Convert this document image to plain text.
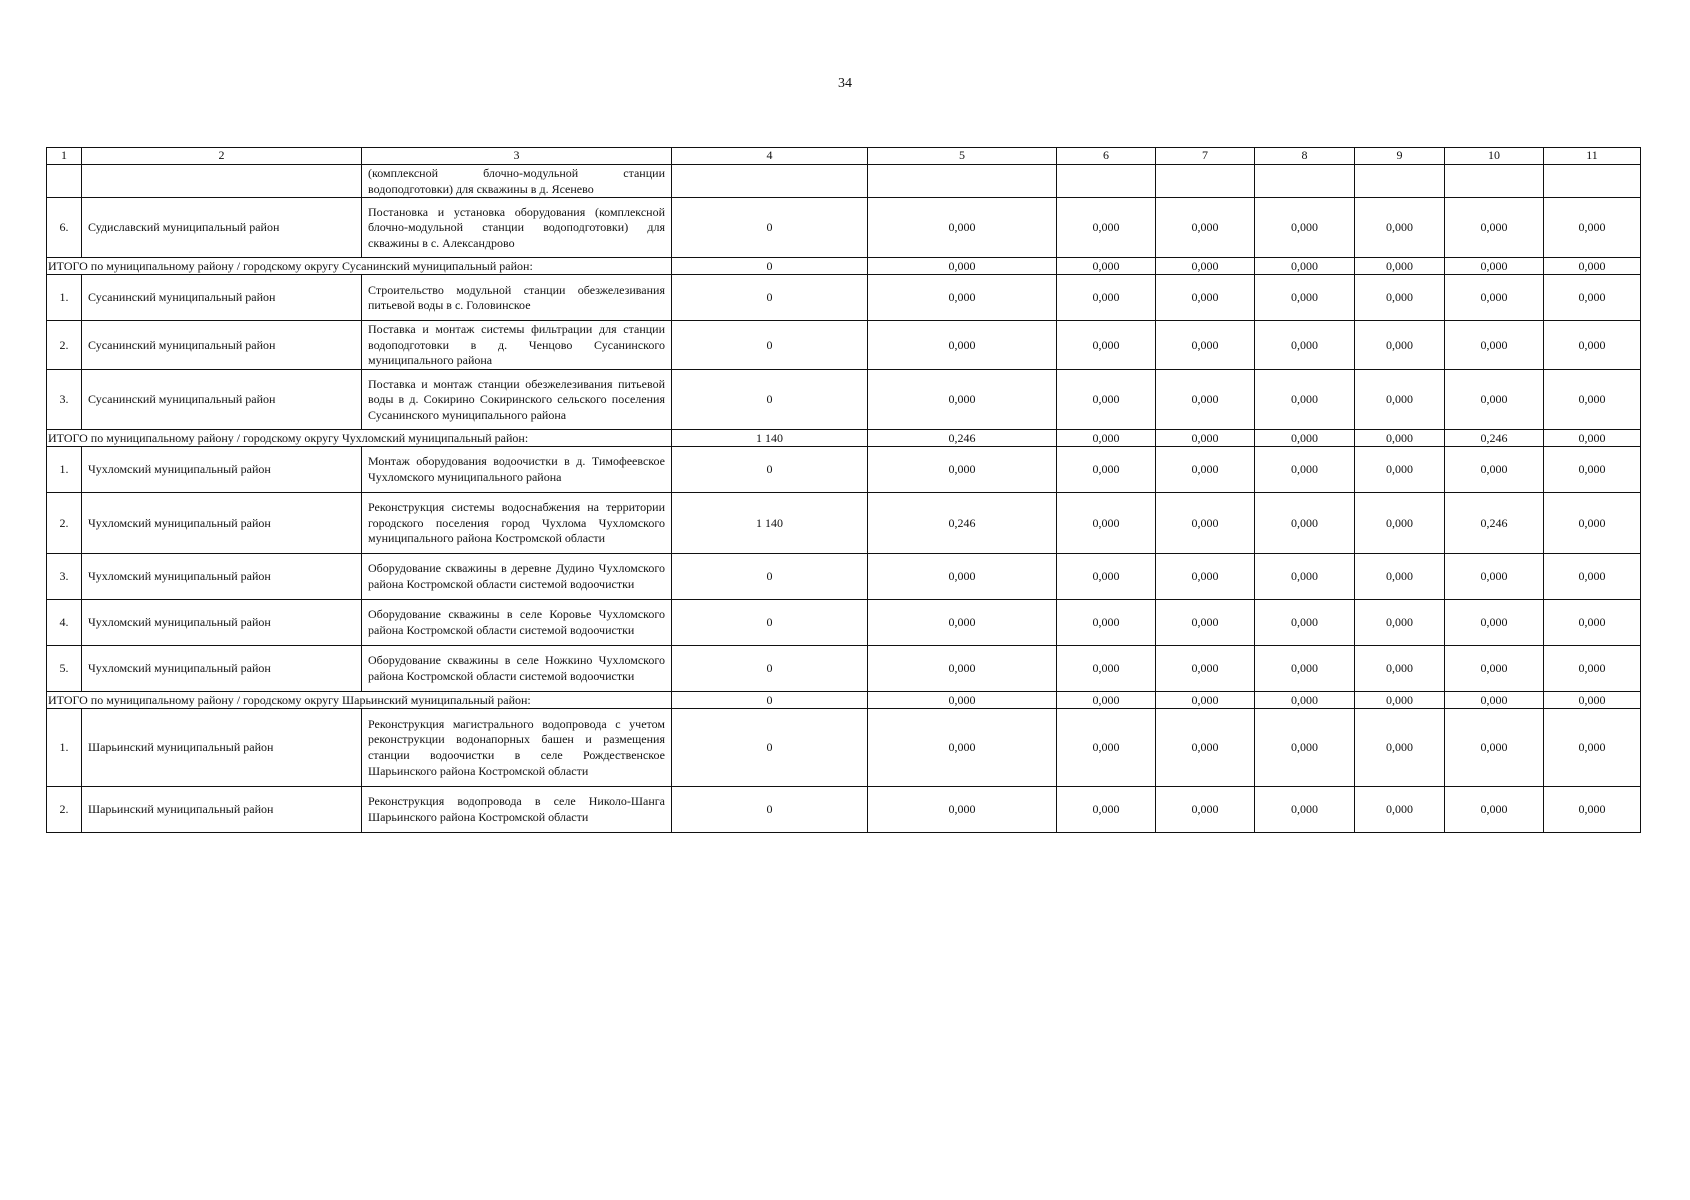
34
1	2	3	4	5	6	7	8	9	10	11
		(комплексной блочно-модульной станции водоподготовки) для скважины в д. Ясенево								
6.	Судиславский муниципальный район	Постановка и установка оборудования (комплексной блочно-модульной станции водоподготовки) для скважины в с. Александрово	0	0,000	0,000	0,000	0,000	0,000	0,000	0,000
ИТОГО по муниципальному району / городскому округу Сусанинский муниципальный район:			0	0,000	0,000	0,000	0,000	0,000	0,000	0,000
1.	Сусанинский муниципальный район	Строительство модульной станции обезжелезивания питьевой воды в с. Головинское	0	0,000	0,000	0,000	0,000	0,000	0,000	0,000
2.	Сусанинский муниципальный район	Поставка и монтаж системы фильтрации для станции водоподготовки в д. Ченцово Сусанинского муниципального района	0	0,000	0,000	0,000	0,000	0,000	0,000	0,000
3.	Сусанинский муниципальный район	Поставка и монтаж станции обезжелезивания питьевой воды в д. Сокирино Сокиринского сельского поселения Сусанинского муниципального района	0	0,000	0,000	0,000	0,000	0,000	0,000	0,000
ИТОГО по муниципальному району / городскому округу Чухломский муниципальный район:			1 140	0,246	0,000	0,000	0,000	0,000	0,246	0,000
1.	Чухломский муниципальный район	Монтаж оборудования водоочистки в д. Тимофеевское Чухломского муниципального района	0	0,000	0,000	0,000	0,000	0,000	0,000	0,000
2.	Чухломский муниципальный район	Реконструкция системы водоснабжения на территории городского поселения город Чухлома Чухломского муниципального района Костромской области	1 140	0,246	0,000	0,000	0,000	0,000	0,246	0,000
3.	Чухломский муниципальный район	Оборудование скважины в деревне Дудино Чухломского района Костромской области системой водоочистки	0	0,000	0,000	0,000	0,000	0,000	0,000	0,000
4.	Чухломский муниципальный район	Оборудование скважины в селе Коровье Чухломского района Костромской области системой водоочистки	0	0,000	0,000	0,000	0,000	0,000	0,000	0,000
5.	Чухломский муниципальный район	Оборудование скважины в селе Ножкино Чухломского района Костромской области системой водоочистки	0	0,000	0,000	0,000	0,000	0,000	0,000	0,000
ИТОГО по муниципальному району / городскому округу Шарьинский муниципальный район:			0	0,000	0,000	0,000	0,000	0,000	0,000	0,000
1.	Шарьинский муниципальный район	Реконструкция магистрального водопровода с учетом реконструкции водонапорных башен и размещения станции водоочистки в селе Рождественское Шарьинского района Костромской области	0	0,000	0,000	0,000	0,000	0,000	0,000	0,000
2.	Шарьинский муниципальный район	Реконструкция водопровода в селе Николо-Шанга Шарьинского района Костромской области	0	0,000	0,000	0,000	0,000	0,000	0,000	0,000
